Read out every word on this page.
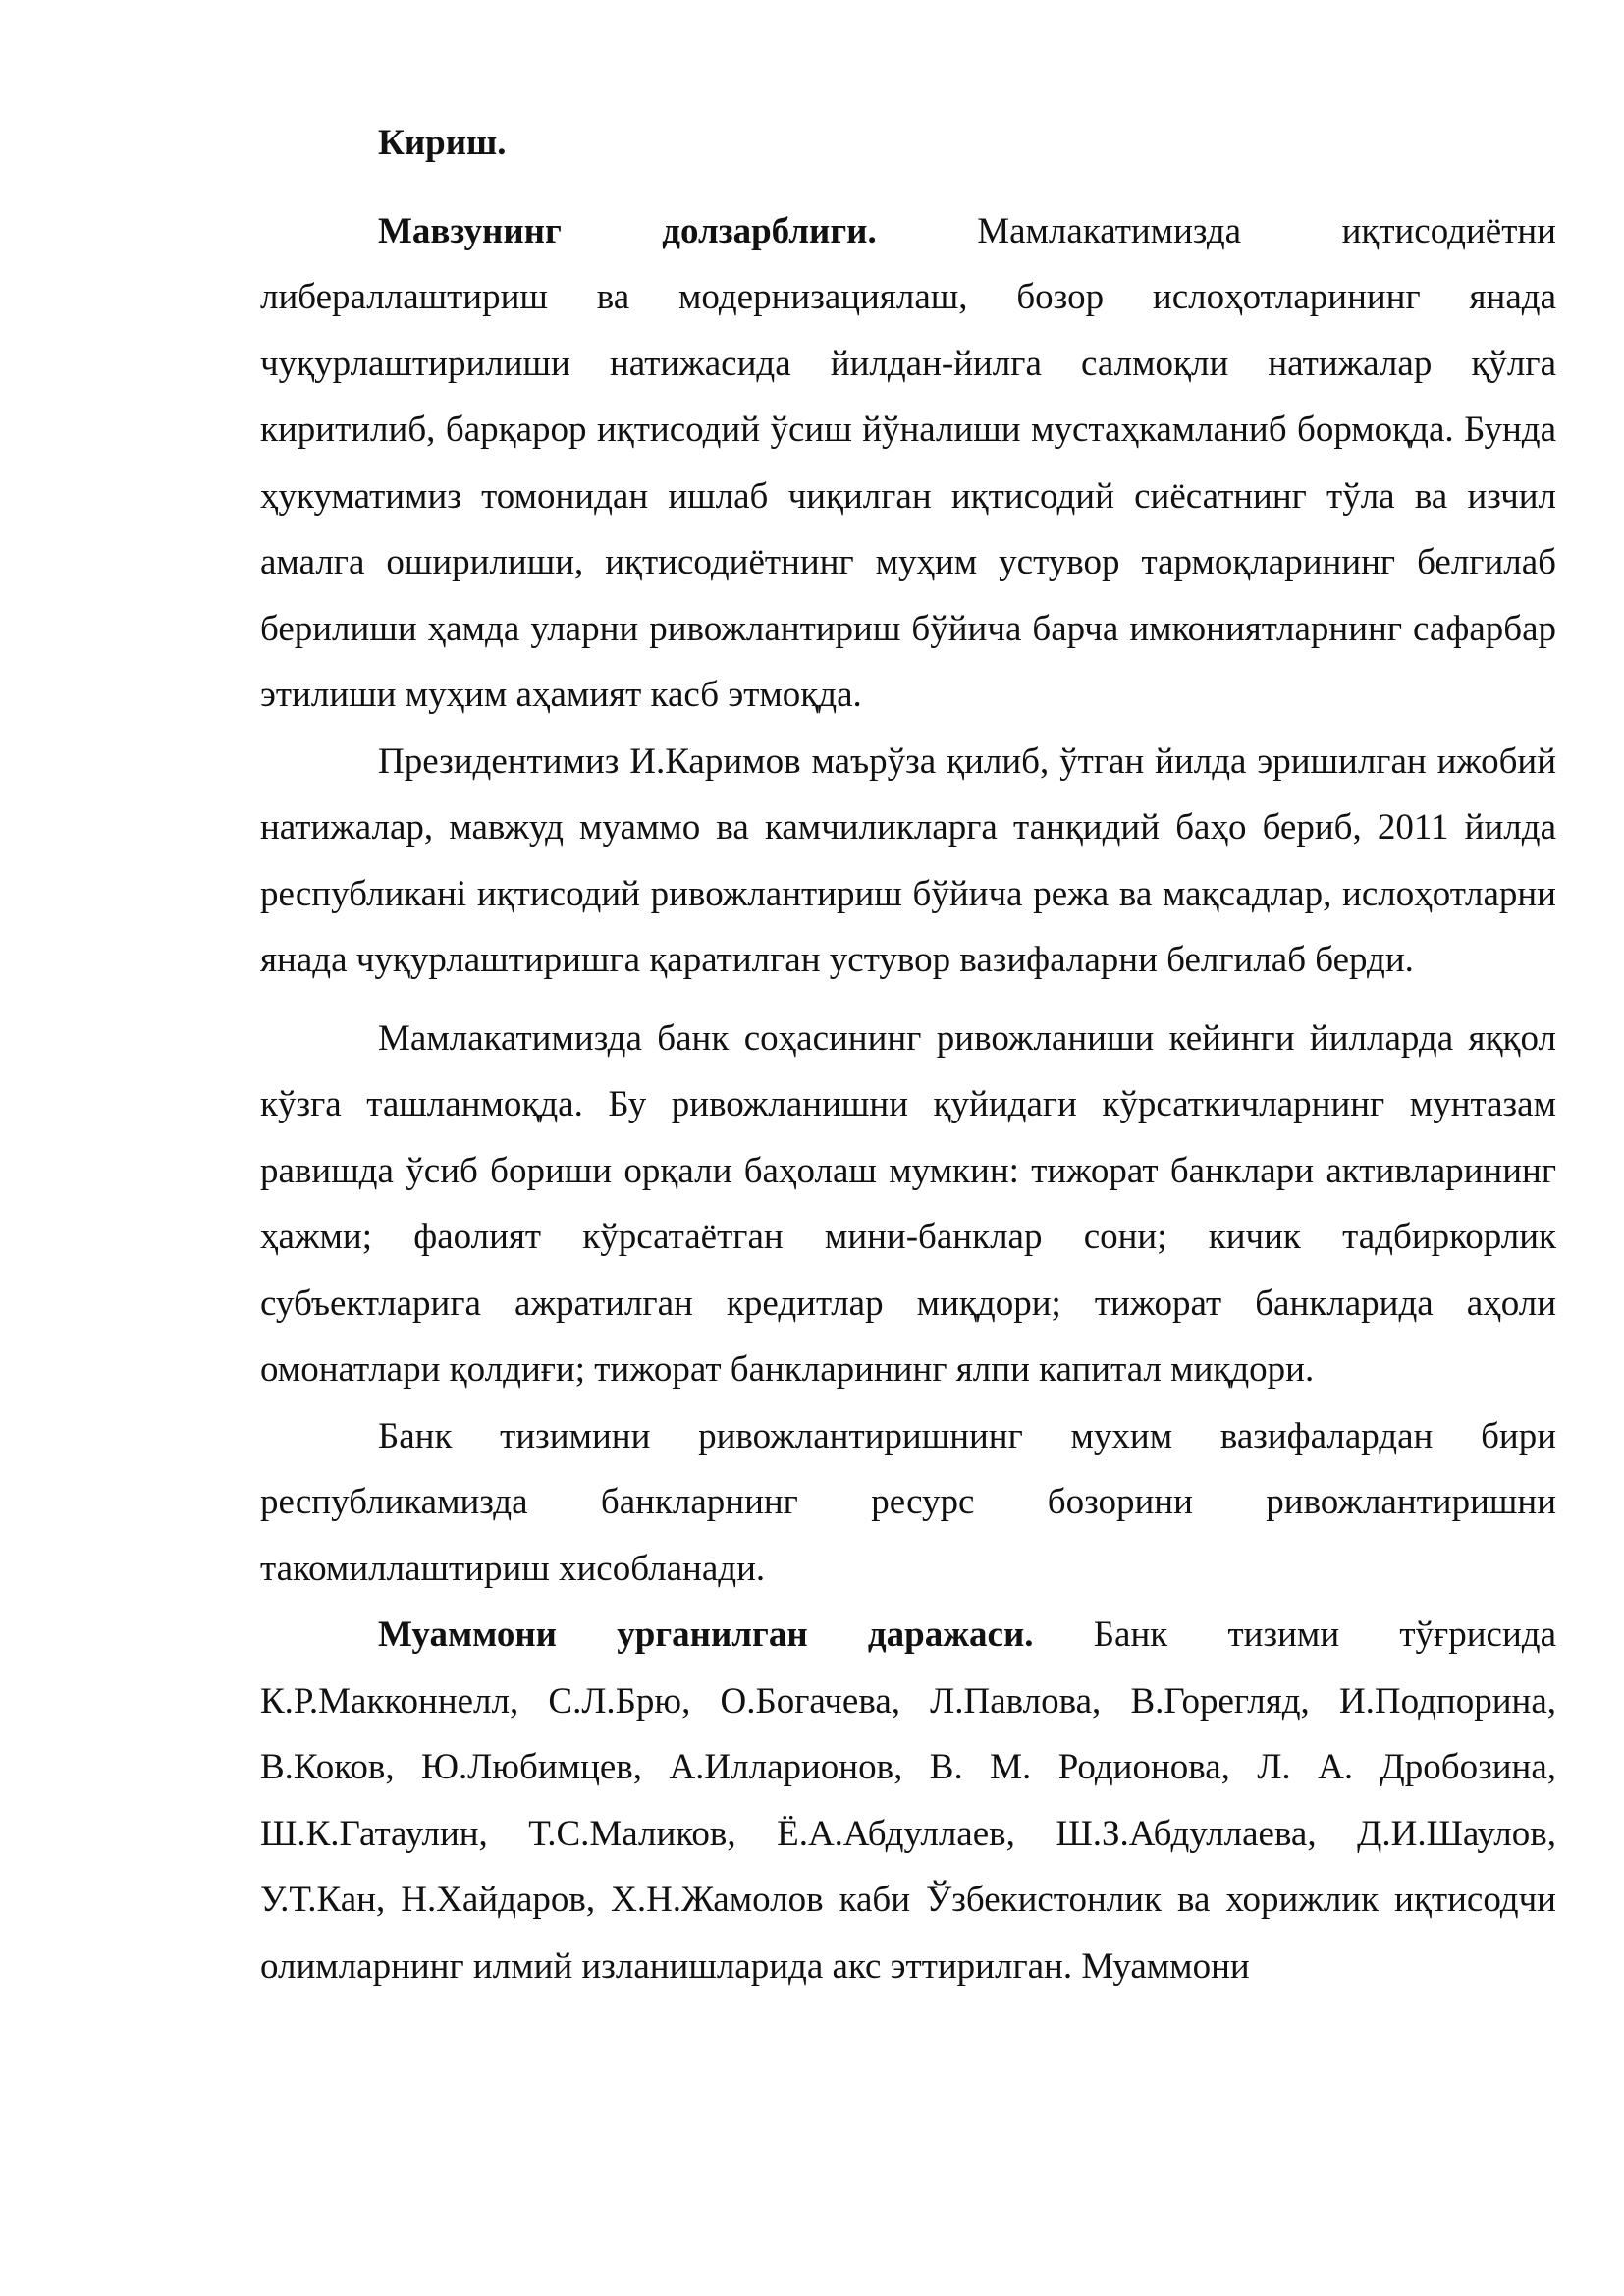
Кириш.

Мавзунинг долзарблиги. Мамлакатимизда иқтисодиётни либераллаштириш ва модернизациялаш, бозор ислоҳотларининг янада чуқурлаштирилиши натижасида йилдан-йилга салмоқли натижалар қўлга киритилиб, барқарор иқтисодий ўсиш йўналиши мустаҳкамланиб бормоқда. Бунда ҳукуматимиз томонидан ишлаб чиқилган иқтисодий сиёсатнинг тўла ва изчил амалга оширилиши, иқтисодиётнинг муҳим устувор тармоқларининг белгилаб берилиши ҳамда уларни ривожлантириш бўйича барча имкониятларнинг сафарбар этилиши муҳим аҳамият касб этмоқда.

Президентимиз И.Каримов маърўза қилиб, ўтган йилда эришилган ижобий натижалар, мавжуд муаммо ва камчиликларга танқидий баҳо бериб, 2011 йилда республиканi иқтисодий ривожлантириш бўйича режа ва мақсадлар, ислоҳотларни янада чуқурлаштиришга қаратилган устувор вазифаларни белгилаб берди.

Мамлакатимизда банк соҳасининг ривожланиши кейинги йилларда яққол кўзга ташланмоқда. Бу ривожланишни қуйидаги кўрсаткичларнинг мунтазам равишда ўсиб бориши орқали баҳолаш мумкин: тижорат банклари активларининг ҳажми; фаолият кўрсатаётган мини-банклар сони; кичик тадбиркорлик субъектларига ажратилган кредитлар миқдори; тижорат банкларида аҳоли омонатлари қолдиғи; тижорат банкларининг ялпи капитал миқдори.

Банк тизимини ривожлантиришнинг мухим вазифалардан бири республикамизда банкларнинг ресурс бозорини ривожлантиришни такомиллаштириш хисобланади.

Муаммони урганилган даражаси. Банк тизими тўғрисида К.Р.Макконнелл, С.Л.Брю, О.Богачева, Л.Павлова, В.Горегляд, И.Подпорина, В.Коков, Ю.Любимцев, А.Илларионов, В. М. Родионова, Л. А. Дробозина, Ш.К.Гатаулин, Т.С.Маликов, Ё.А.Абдуллаев, Ш.З.Абдуллаева, Д.И.Шаулов, У.Т.Кан, Н.Хайдаров, Х.Н.Жамолов каби Ўзбекистонлик ва хорижлик иқтисодчи олимларнинг илмий изланишларида акс эттирилган. Муаммони
